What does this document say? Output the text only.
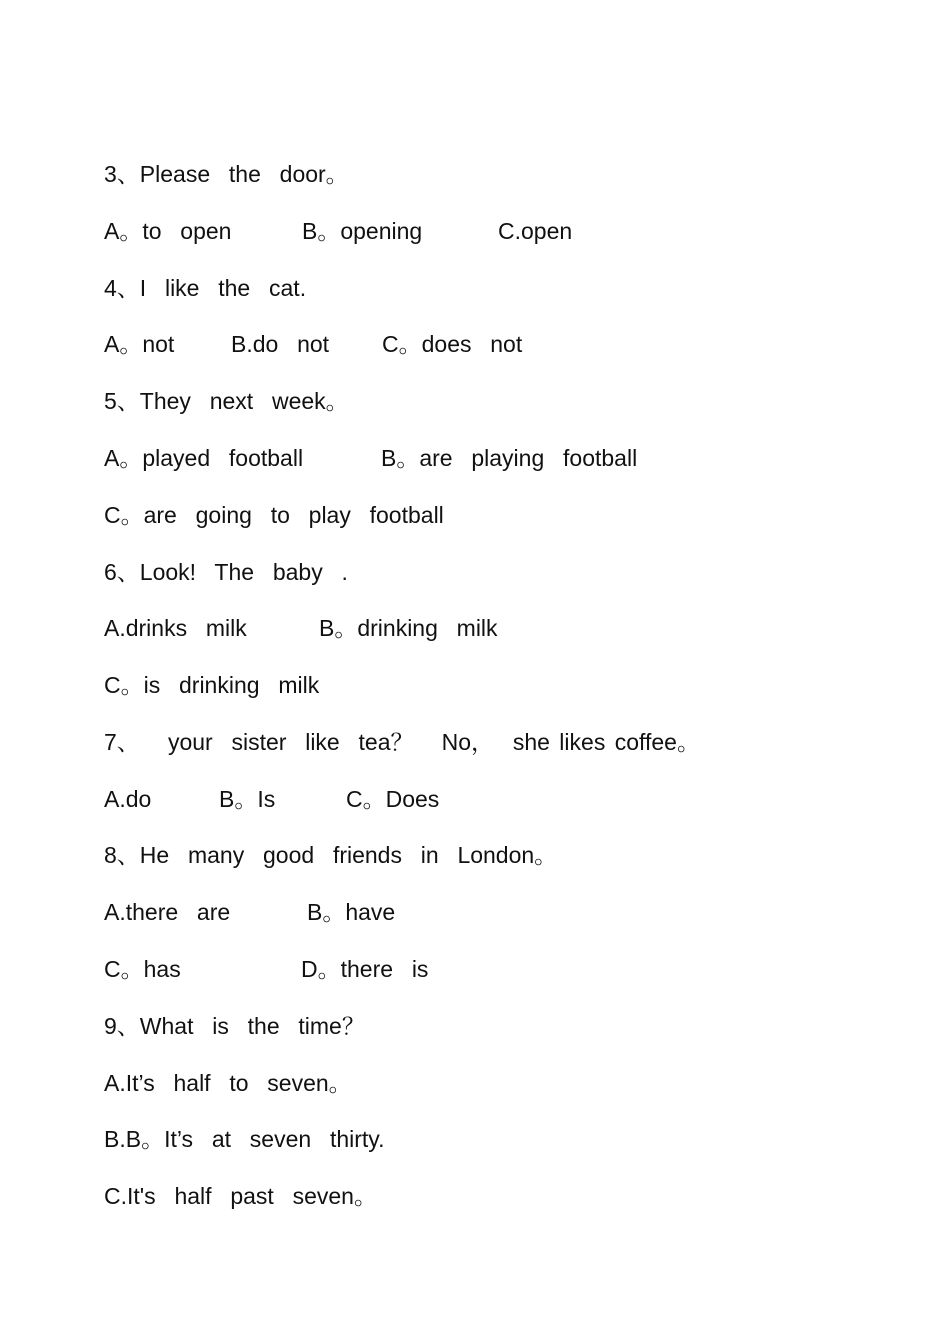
3、Please  the  door。

A。to  open

	B。opening

	C.open

4、I  like  the  cat.

A。not

B.do  not

C。does  not

5、They  next  week。

A。played  football

	B。are  playing  football

C。are  going  to  play  football
6、Look!  The  baby  .

A.drinks  milk

	B。drinking  milk

C。is  drinking  milk
7、   your  sister  like  tea？   No，  she likes coffee。

A.do

	B。Is

	C。Does

8、He  many  good  friends  in  London。

A.there  are

	B。have

C。has

	D。there  is

9、What  is  the  time？
A.It’s  half  to  seven。
B.B。It’s  at  seven  thirty.
C.It's  half  past  seven。
